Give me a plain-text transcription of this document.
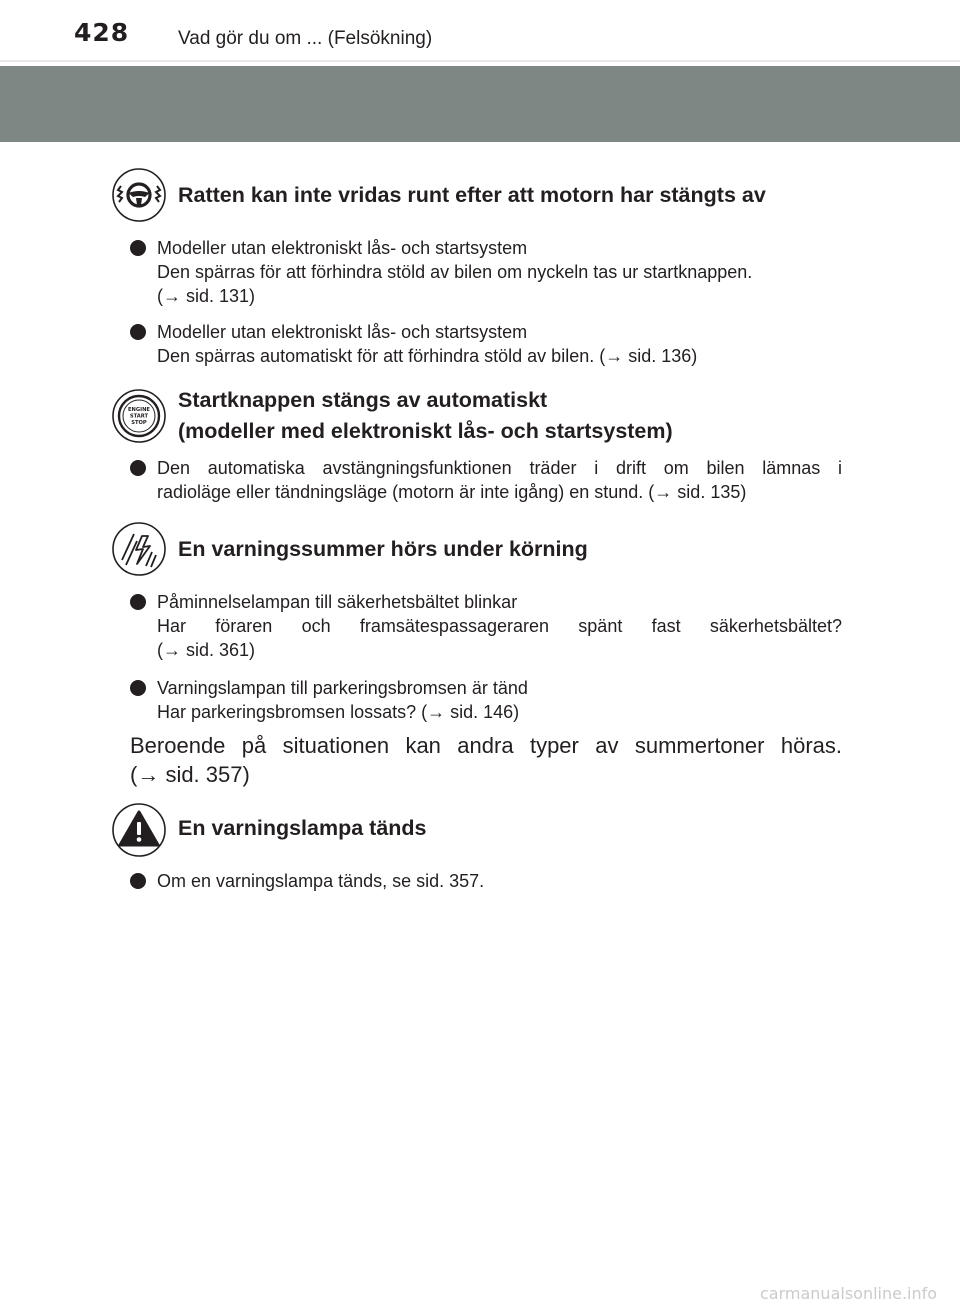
428	Vad gör du om ... (Felsökning)
Ratten kan inte vridas runt efter att motorn har stängts av
Modeller utan elektroniskt lås- och startsystem
Den spärras för att förhindra stöld av bilen om nyckeln tas ur startknappen.
(→ sid. 131)
Modeller utan elektroniskt lås- och startsystem
Den spärras automatiskt för att förhindra stöld av bilen. (→ sid. 136)
ENGINE
START
STOP
Startknappen stängs av automatiskt
(modeller med elektroniskt lås- och startsystem)
Den automatiska avstängningsfunktionen träder i drift om bilen lämnas i
radioläge eller tändningsläge (motorn är inte igång) en stund. (→ sid. 135)
En varningssummer hörs under körning
Påminnelselampan till säkerhetsbältet blinkar
Har föraren och framsätespassageraren spänt fast säkerhetsbältet?
(→ sid. 361)
Varningslampan till parkeringsbromsen är tänd
Har parkeringsbromsen lossats? (→ sid. 146)
Beroende på situationen kan andra typer av summertoner höras.
(→ sid. 357)
En varningslampa tänds
Om en varningslampa tänds, se sid. 357.
carmanualsonline.info
